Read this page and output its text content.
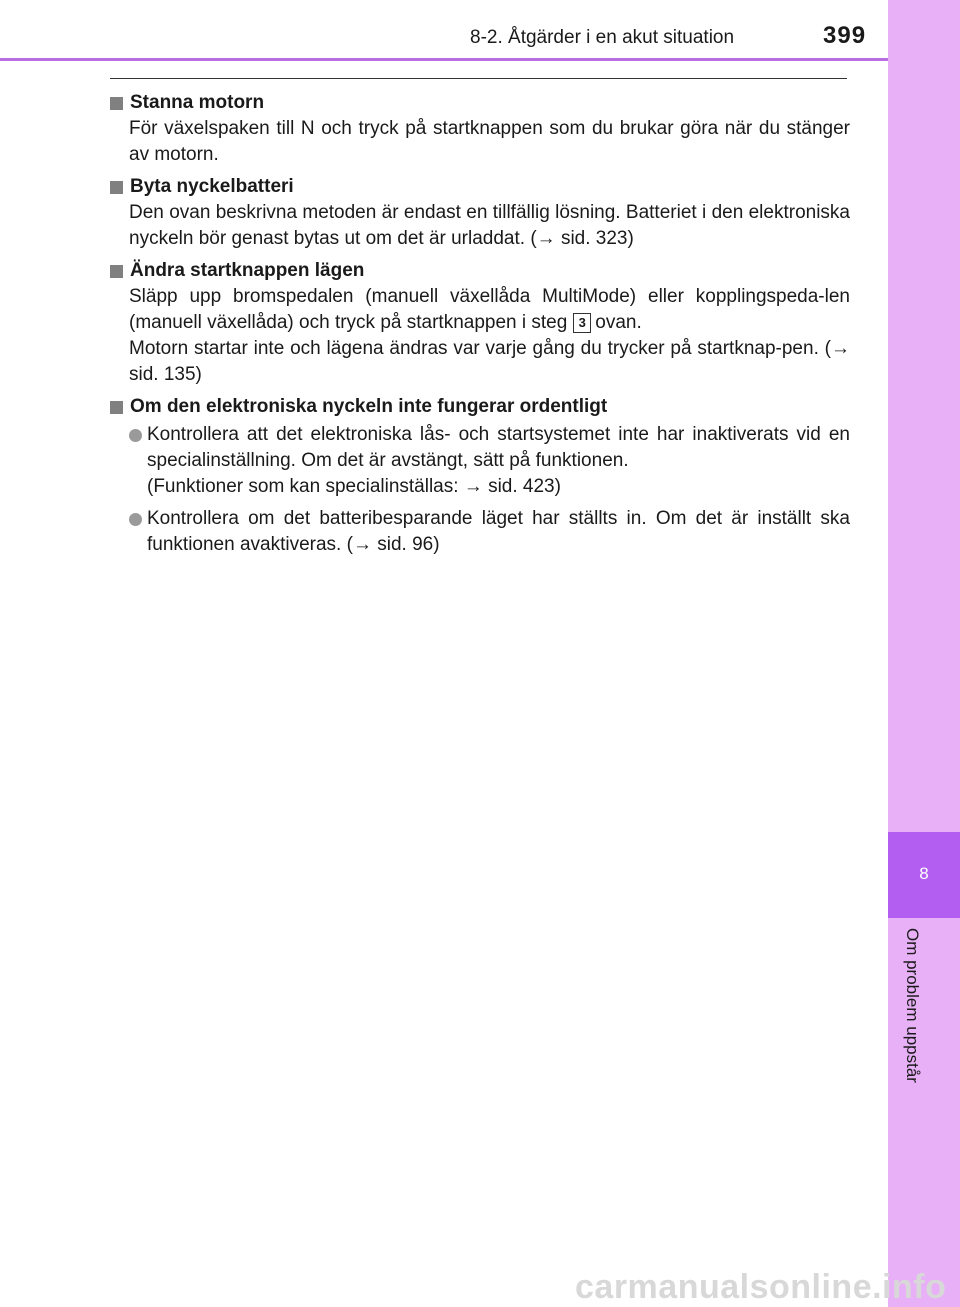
8-2. Åtgärder i en akut situation	399
8
Om problem uppstår
Stanna motorn
För växelspaken till N och tryck på startknappen som du brukar göra när du stänger av motorn.
Byta nyckelbatteri
Den ovan beskrivna metoden är endast en tillfällig lösning. Batteriet i den elektroniska nyckeln bör genast bytas ut om det är urladdat. (→ sid. 323)
Ändra startknappen lägen
Släpp upp bromspedalen (manuell växellåda MultiMode) eller kopplingspeda-len (manuell växellåda) och tryck på startknappen i steg 3 ovan.
Motorn startar inte och lägena ändras var varje gång du trycker på startknap-pen. (→ sid. 135)
Om den elektroniska nyckeln inte fungerar ordentligt
Kontrollera att det elektroniska lås- och startsystemet inte har inaktiverats vid en specialinställning. Om det är avstängt, sätt på funktionen.
(Funktioner som kan specialinställas: → sid. 423)
Kontrollera om det batteribesparande läget har ställts in. Om det är inställt ska funktionen avaktiveras. (→ sid. 96)
carmanualsonline.info
